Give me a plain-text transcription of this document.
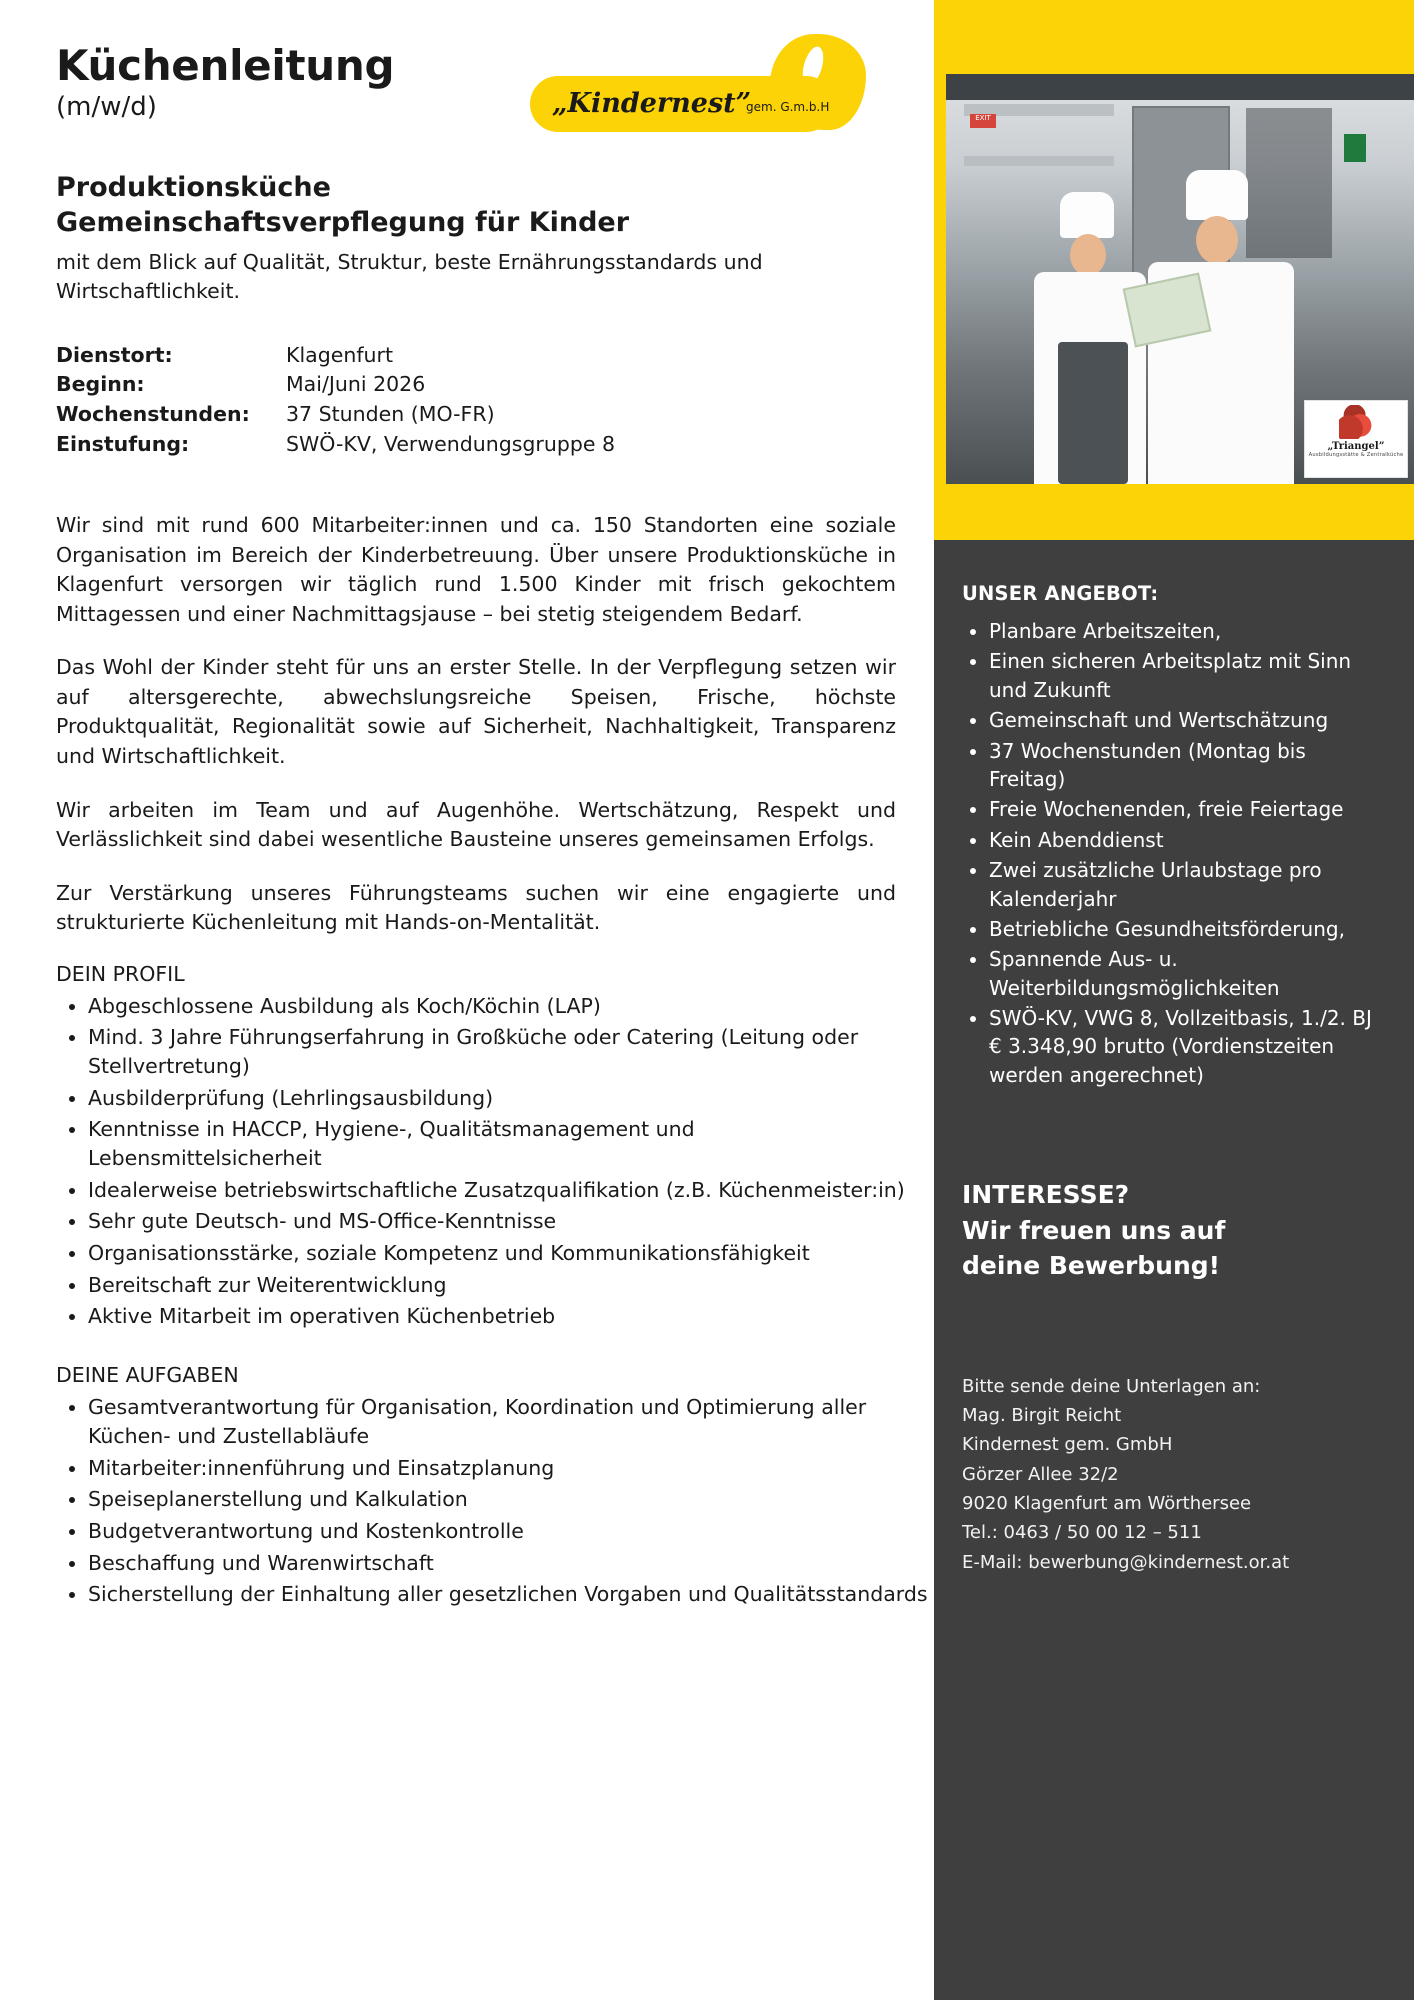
EXIT
„Triangel”
Ausbildungsstätte & Zentralküche
UNSER ANGEBOT:
• Planbare Arbeitszeiten,
• Einen sicheren Arbeitsplatz mit Sinn und Zukunft
• Gemeinschaft und Wertschätzung
• 37 Wochenstunden (Montag bis Freitag)
• Freie Wochenenden, freie Feiertage
• Kein Abenddienst
• Zwei zusätzliche Urlaubstage pro Kalenderjahr
• Betriebliche Gesundheitsförderung,
• Spannende Aus- u. Weiterbildungsmöglichkeiten
• SWÖ-KV, VWG 8, Vollzeitbasis, 1./2. BJ € 3.348,90 brutto (Vordienstzeiten werden angerechnet)
INTERESSE?
Wir freuen uns auf
deine Bewerbung!
Bitte sende deine Unterlagen an:
Mag. Birgit Reicht
Kindernest gem. GmbH
Görzer Allee 32/2
9020 Klagenfurt am Wörthersee
Tel.: 0463 / 50 00 12 – 511
E-Mail: bewerbung@kindernest.or.at
Küchenleitung
(m/w/d)	„Kindernest”
gem. G.m.b.H
Produktionsküche
Gemeinschaftsverpflegung für Kinder

mit dem Blick auf Qualität, Struktur, beste Ernährungsstandards und Wirtschaftlichkeit.

Dienstort:	Klagenfurt
Beginn:	Mai/Juni 2026
Wochenstunden:	37 Stunden (MO-FR)
Einstufung:	SWÖ-KV, Verwendungsgruppe 8

Wir sind mit rund 600 Mitarbeiter:innen und ca. 150 Standorten eine soziale Organisation im Bereich der Kinderbetreuung. Über unsere Produktionsküche in Klagenfurt versorgen wir täglich rund 1.500 Kinder mit frisch gekochtem Mittagessen und einer Nachmittagsjause – bei stetig steigendem Bedarf.

Das Wohl der Kinder steht für uns an erster Stelle. In der Verpflegung setzen wir auf altersgerechte, abwechslungsreiche Speisen, Frische, höchste Produktqualität, Regionalität sowie auf Sicherheit, Nachhaltigkeit, Transparenz und Wirtschaftlichkeit.

Wir arbeiten im Team und auf Augenhöhe. Wertschätzung, Respekt und Verlässlichkeit sind dabei wesentliche Bausteine unseres gemeinsamen Erfolgs.

Zur Verstärkung unseres Führungsteams suchen wir eine engagierte und strukturierte Küchenleitung mit Hands-on-Mentalität.

DEIN PROFIL
• Abgeschlossene Ausbildung als Koch/Köchin (LAP)
• Mind. 3 Jahre Führungserfahrung in Großküche oder Catering (Leitung oder Stellvertretung)
• Ausbilderprüfung (Lehrlingsausbildung)
• Kenntnisse in HACCP, Hygiene-, Qualitätsmanagement und Lebensmittelsicherheit
• Idealerweise betriebswirtschaftliche Zusatzqualifikation (z.B. Küchenmeister:in)
• Sehr gute Deutsch- und MS-Office-Kenntnisse
• Organisationsstärke, soziale Kompetenz und Kommunikationsfähigkeit
• Bereitschaft zur Weiterentwicklung
• Aktive Mitarbeit im operativen Küchenbetrieb
DEINE AUFGABEN
• Gesamtverantwortung für Organisation, Koordination und Optimierung aller Küchen- und Zustellabläufe
• Mitarbeiter:innenführung und Einsatzplanung
• Speiseplanerstellung und Kalkulation
• Budgetverantwortung und Kostenkontrolle
• Beschaffung und Warenwirtschaft
• Sicherstellung der Einhaltung aller gesetzlichen Vorgaben und Qualitätsstandards
